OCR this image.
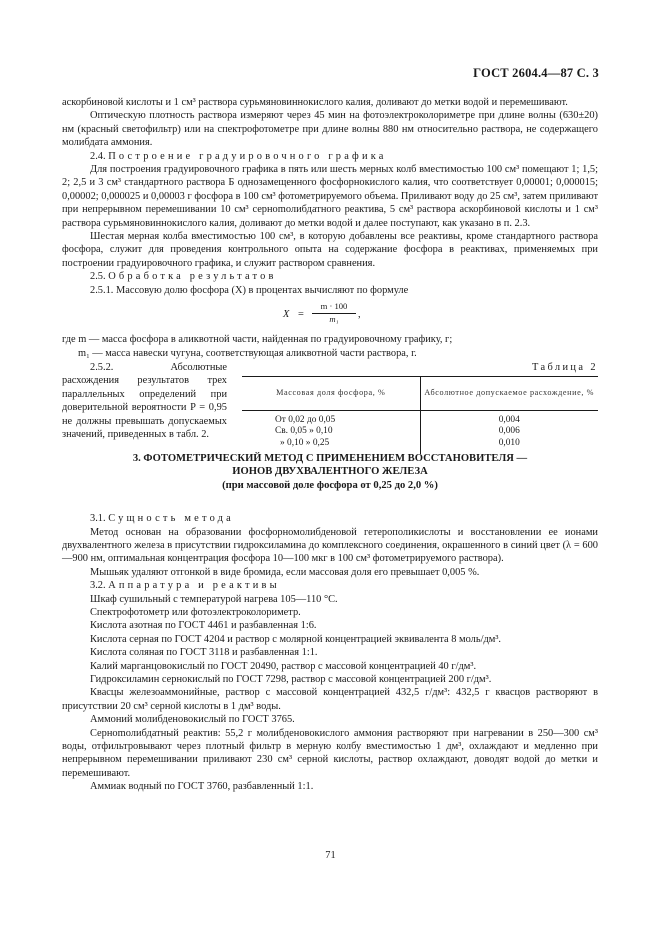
ГОСТ 2604.4—87 С. 3

аскорбиновой кислоты и 1 см³ раствора сурьмяновиннокислого калия, доливают до метки водой и перемешивают.

Оптическую плотность раствора измеряют через 45 мин на фотоэлектроколориметре при длине волны (630±20) нм (красный светофильтр) или на спектрофотометре при длине волны 880 нм относительно раствора, не содержащего молибдата аммония.

2.4. Построение градуировочного графика

Для построения градуировочного графика в пять или шесть мерных колб вместимостью 100 см³ помещают 1; 1,5; 2; 2,5 и 3 см³ стандартного раствора Б однозамещенного фосфорнокислого калия, что соответствует 0,00001; 0,000015; 0,00002; 0,000025 и 0,00003 г фосфора в 100 см³ фотометрируемого объема. Приливают воду до 25 см³, затем приливают при непрерывном перемешивании 10 см³ сернomолибдатного реактива, 5 см³ раствора аскорбиновой кислоты и 1 см³ раствора сурьмяновиннокислого калия, доливают до метки водой и далее поступают, как указано в п. 2.3.

Шестая мерная колба вместимостью 100 см³, в которую добавлены все реактивы, кроме стандартного раствора фосфора, служит для проведения контрольного опыта на содержание фосфора в реактивах, применяемых при построении градуировочного графика, и служит раствором сравнения.

2.5. Обработка результатов

2.5.1. Массовую долю фосфора (X) в процентах вычисляют по формуле

$X = \frac{m \cdot 100}{\text{m₁}}$ ,

где m — масса фосфора в аликвотной части, найденная по градуировочному графику, г;

m₁ — масса навески чугуна, соответствующая аликвотной части раствора, г.

2.5.2. Абсолютные расхождения результатов трех параллельных определений при доверительной вероятности P = 0,95 не должны превышать допускаемых значений, приведенных в табл. 2.

Таблица 2
Массовая доля фосфора, %	Абсолютное допускаемое расхождение, %
От 0,02 до 0,05	0,004
Св. 0,05 » 0,10	0,006
» 0,10 » 0,25	0,010
3. ФОТОМЕТРИЧЕСКИЙ МЕТОД С ПРИМЕНЕНИЕМ ВОССТАНОВИТЕЛЯ —
ИОНОВ ДВУХВАЛЕНТНОГО ЖЕЛЕЗА
(при массовой доле фосфора от 0,25 до 2,0 %)

3.1. Сущность метода

Метод основан на образовании фосфорномолибденовой гетерополикислоты и восстановлении ее ионами двухвалентного железа в присутствии гидроксиламина до комплексного соединения, окрашенного в синий цвет (λ = 600—900 нм, оптимальная концентрация фосфора 10—100 мкг в 100 см³ фотометрируемого раствора).

Мышьяк удаляют отгонкой в виде бромида, если массовая доля его превышает 0,005 %.

3.2. Аппаратура и реактивы

Шкаф сушильный с температурой нагрева 105—110 °С.

Спектрофотометр или фотоэлектроколориметр.

Кислота азотная по ГОСТ 4461 и разбавленная 1:6.

Кислота серная по ГОСТ 4204 и раствор с молярной концентрацией эквивалента 8 моль/дм³.

Кислота соляная по ГОСТ 3118 и разбавленная 1:1.

Калий марганцовокислый по ГОСТ 20490, раствор с массовой концентрацией 40 г/дм³.

Гидроксиламин сернокислый по ГОСТ 7298, раствор с массовой концентрацией 200 г/дм³.

Квасцы железоаммонийные, раствор с массовой концентрацией 432,5 г/дм³: 432,5 г квасцов растворяют в присутствии 20 см³ серной кислоты в 1 дм³ воды.

Аммоний молибденовокислый по ГОСТ 3765.

Сернomолибдатный реактив: 55,2 г молибденовокислого аммония растворяют при нагревании в 250—300 см³ воды, отфильтровывают через плотный фильтр в мерную колбу вместимостью 1 дм³, охлаждают и медленно при непрерывном перемешивании приливают 230 см³ серной кислоты, раствор охлаждают, доводят водой до метки и перемешивают.

Аммиак водный по ГОСТ 3760, разбавленный 1:1.

71
